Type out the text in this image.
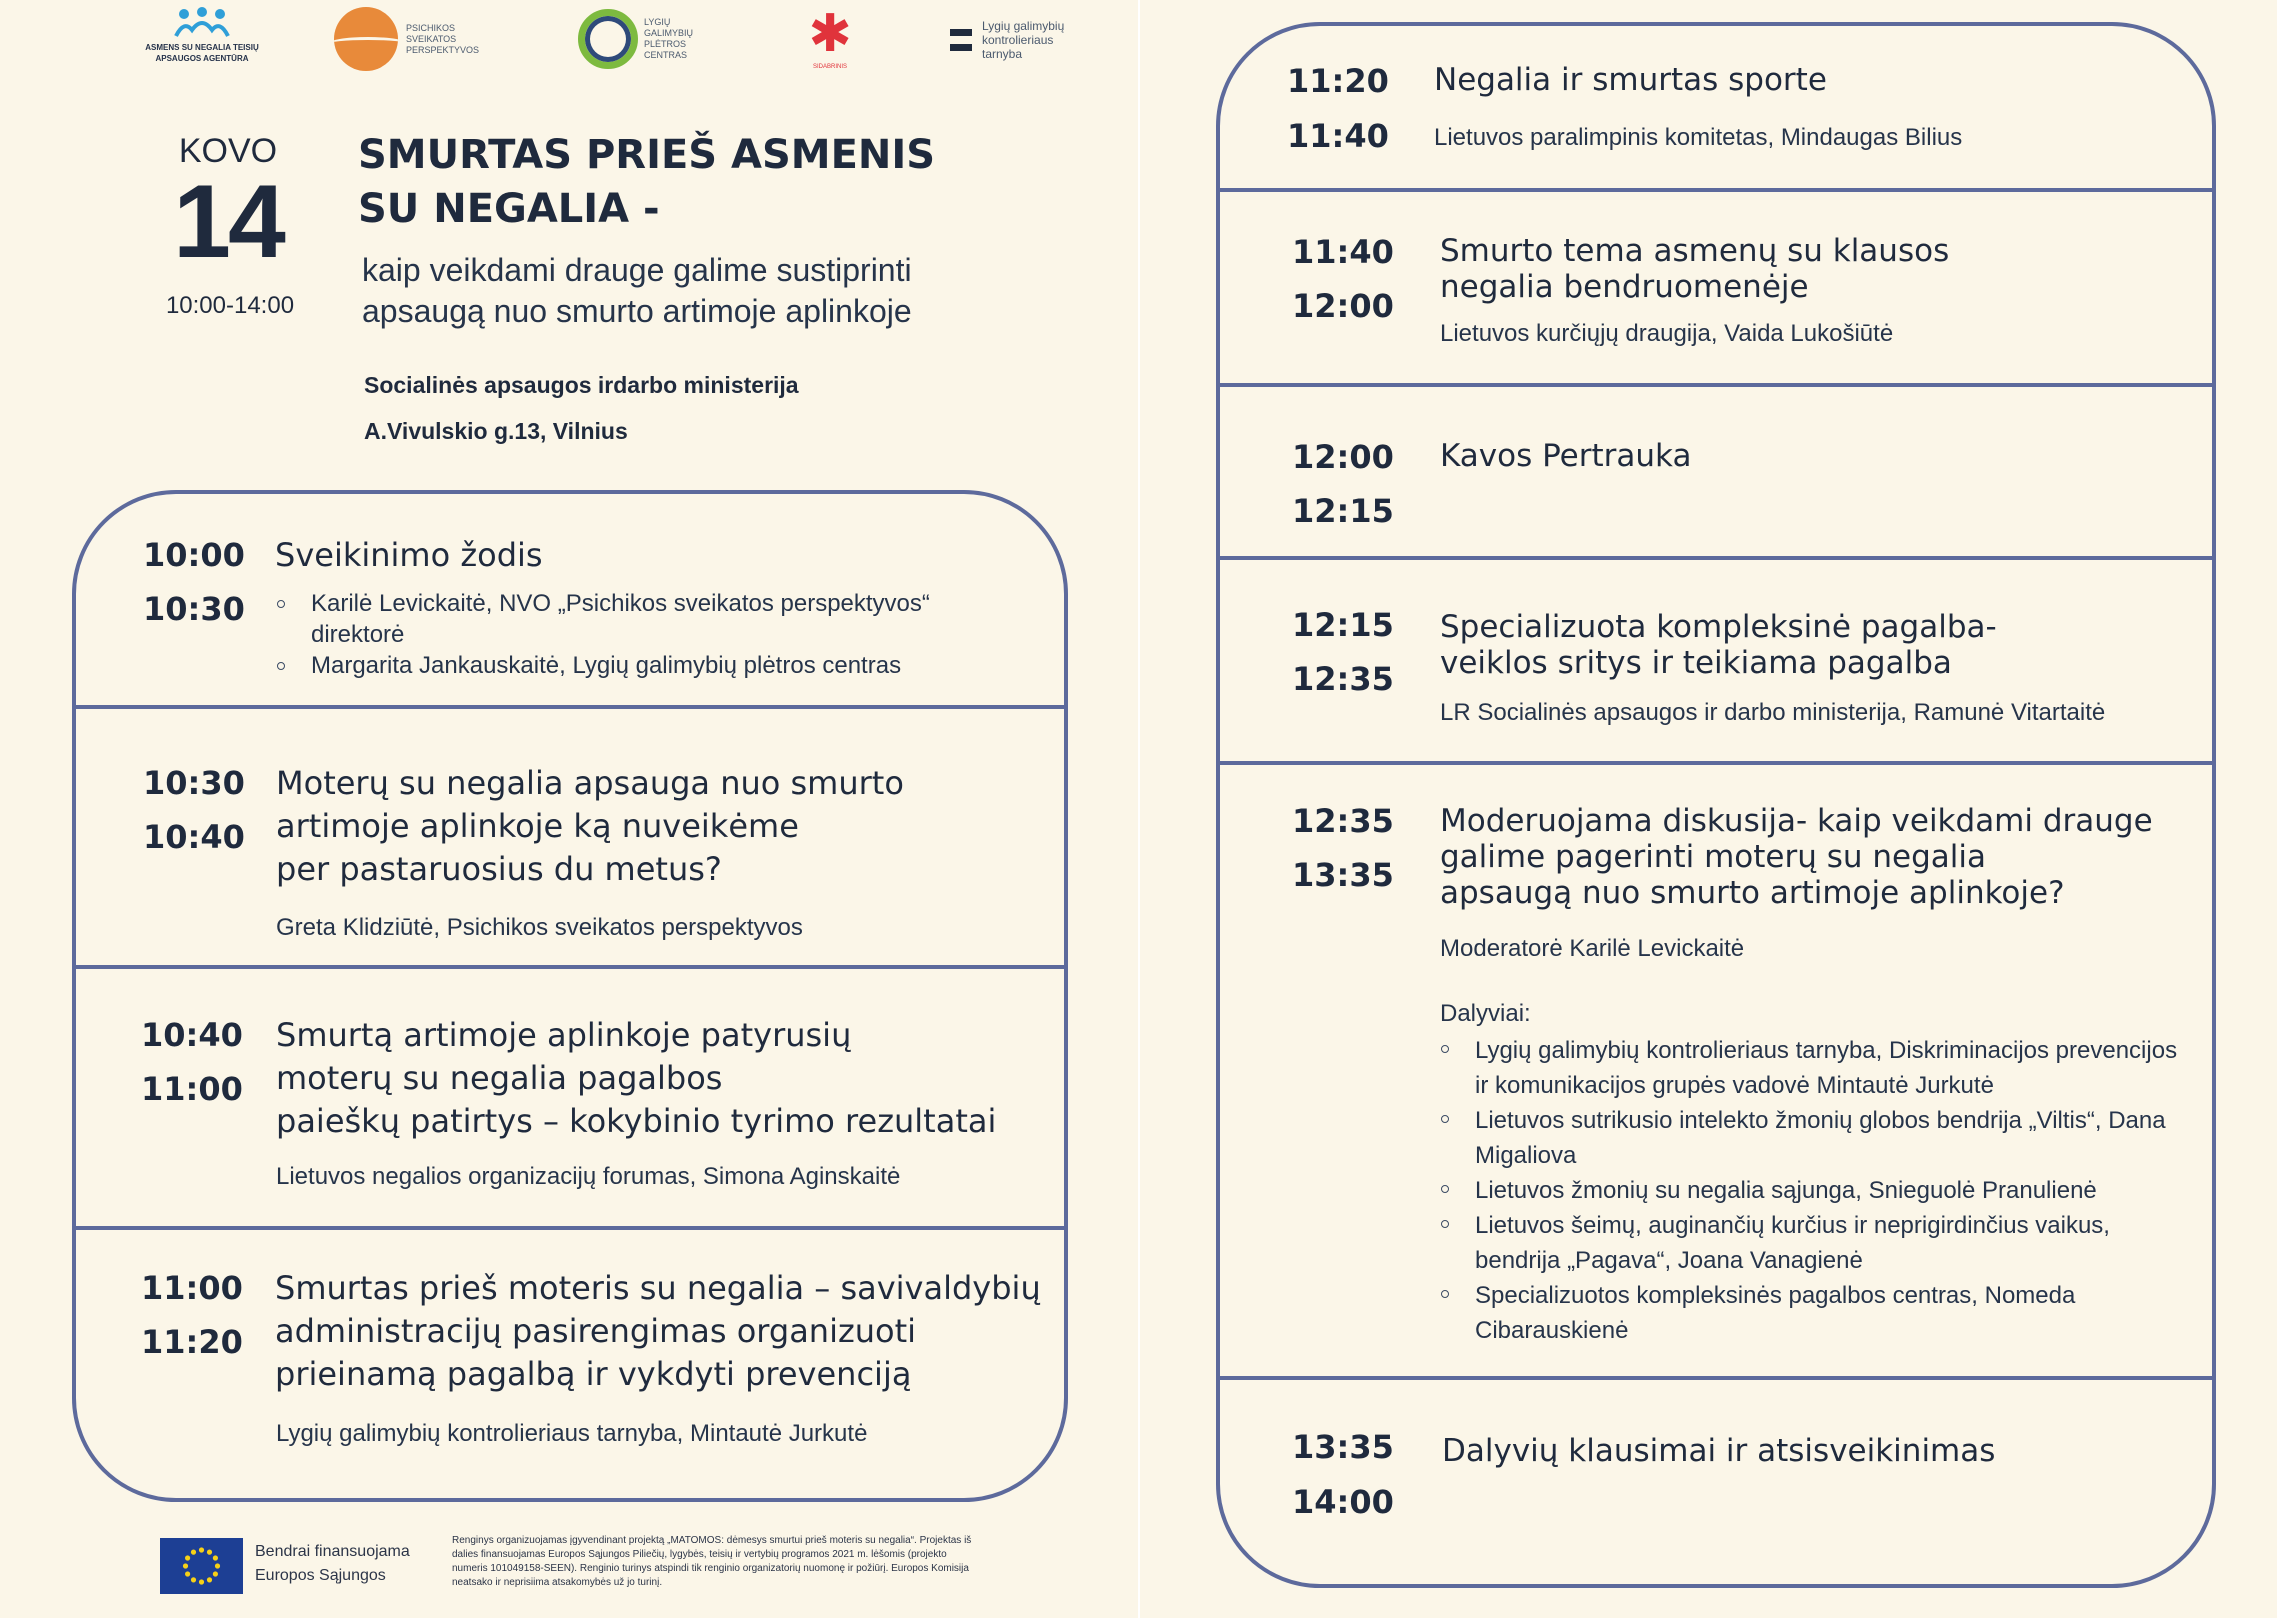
ASMENS SU NEGALIA TEISIŲ APSAUGOS AGENTŪRA
PSICHIKOS SVEIKATOS PERSPEKTYVOS
LYGIŲ GALIMYBIŲ PLĖTROS CENTRAS	✱
SIDABRINIS
Lygių galimybių kontrolieriaus tarnyba
KOVO
14
10:00-14:00
SMURTAS PRIEŠ ASMENIS
SU NEGALIA -
kaip veikdami drauge galime sustiprinti
apsaugą nuo smurto artimoje aplinkoje
Socialinės apsaugos irdarbo ministerija
A.Vivulskio g.13, Vilnius
10:00
10:30
Sveikinimo žodis
Karilė Levickaitė, NVO „Psichikos sveikatos perspektyvos“ direktorė
Margarita Jankauskaitė, Lygių galimybių plėtros centras
10:30
10:40
Moterų su negalia apsauga nuo smurto
artimoje aplinkoje ką nuveikėme
per pastaruosius du metus?
Greta Klidziūtė, Psichikos sveikatos perspektyvos
10:40
11:00
Smurtą artimoje aplinkoje patyrusių
moterų su negalia pagalbos
paieškų patirtys – kokybinio tyrimo rezultatai
Lietuvos negalios organizacijų forumas, Simona Aginskaitė
11:00
11:20
Smurtas prieš moteris su negalia – savivaldybių
administracijų pasirengimas organizuoti
prieinamą pagalbą ir vykdyti prevenciją
Lygių galimybių kontrolieriaus tarnyba, Mintautė Jurkutė
Bendrai finansuojama
Europos Sąjungos
Renginys organizuojamas įgyvendinant projektą „MATOMOS: dėmesys smurtui prieš moteris su negalia“. Projektas iš dalies finansuojamas Europos Sąjungos Piliečių, lygybės, teisių ir vertybių programos 2021 m. lėšomis (projekto numeris 101049158-SEEN). Renginio turinys atspindi tik renginio organizatorių nuomonę ir požiūrį. Europos Komisija neatsako ir neprisiima atsakomybės už jo turinį.
11:20
11:40
Negalia ir smurtas sporte
Lietuvos paralimpinis komitetas, Mindaugas Bilius
11:40
12:00
Smurto tema asmenų su klausos
negalia bendruomenėje
Lietuvos kurčiųjų draugija, Vaida Lukošiūtė
12:00
12:15
Kavos Pertrauka
12:15
12:35
Specializuota kompleksinė pagalba-
veiklos sritys ir teikiama pagalba
LR Socialinės apsaugos ir darbo ministerija, Ramunė Vitartaitė
12:35
13:35
Moderuojama diskusija- kaip veikdami drauge
galime pagerinti moterų su negalia
apsaugą nuo smurto artimoje aplinkoje?
Moderatorė Karilė Levickaitė
Dalyviai:
Lygių galimybių kontrolieriaus tarnyba, Diskriminacijos prevencijos ir komunikacijos grupės vadovė Mintautė Jurkutė
Lietuvos sutrikusio intelekto žmonių globos bendrija „Viltis“, Dana Migaliova
Lietuvos žmonių su negalia sąjunga, Snieguolė Pranulienė
Lietuvos šeimų, auginančių kurčius ir neprigirdinčius vaikus, bendrija „Pagava“, Joana Vanagienė
Specializuotos kompleksinės pagalbos centras, Nomeda Cibarauskienė
13:35
14:00
Dalyvių klausimai ir atsisveikinimas
